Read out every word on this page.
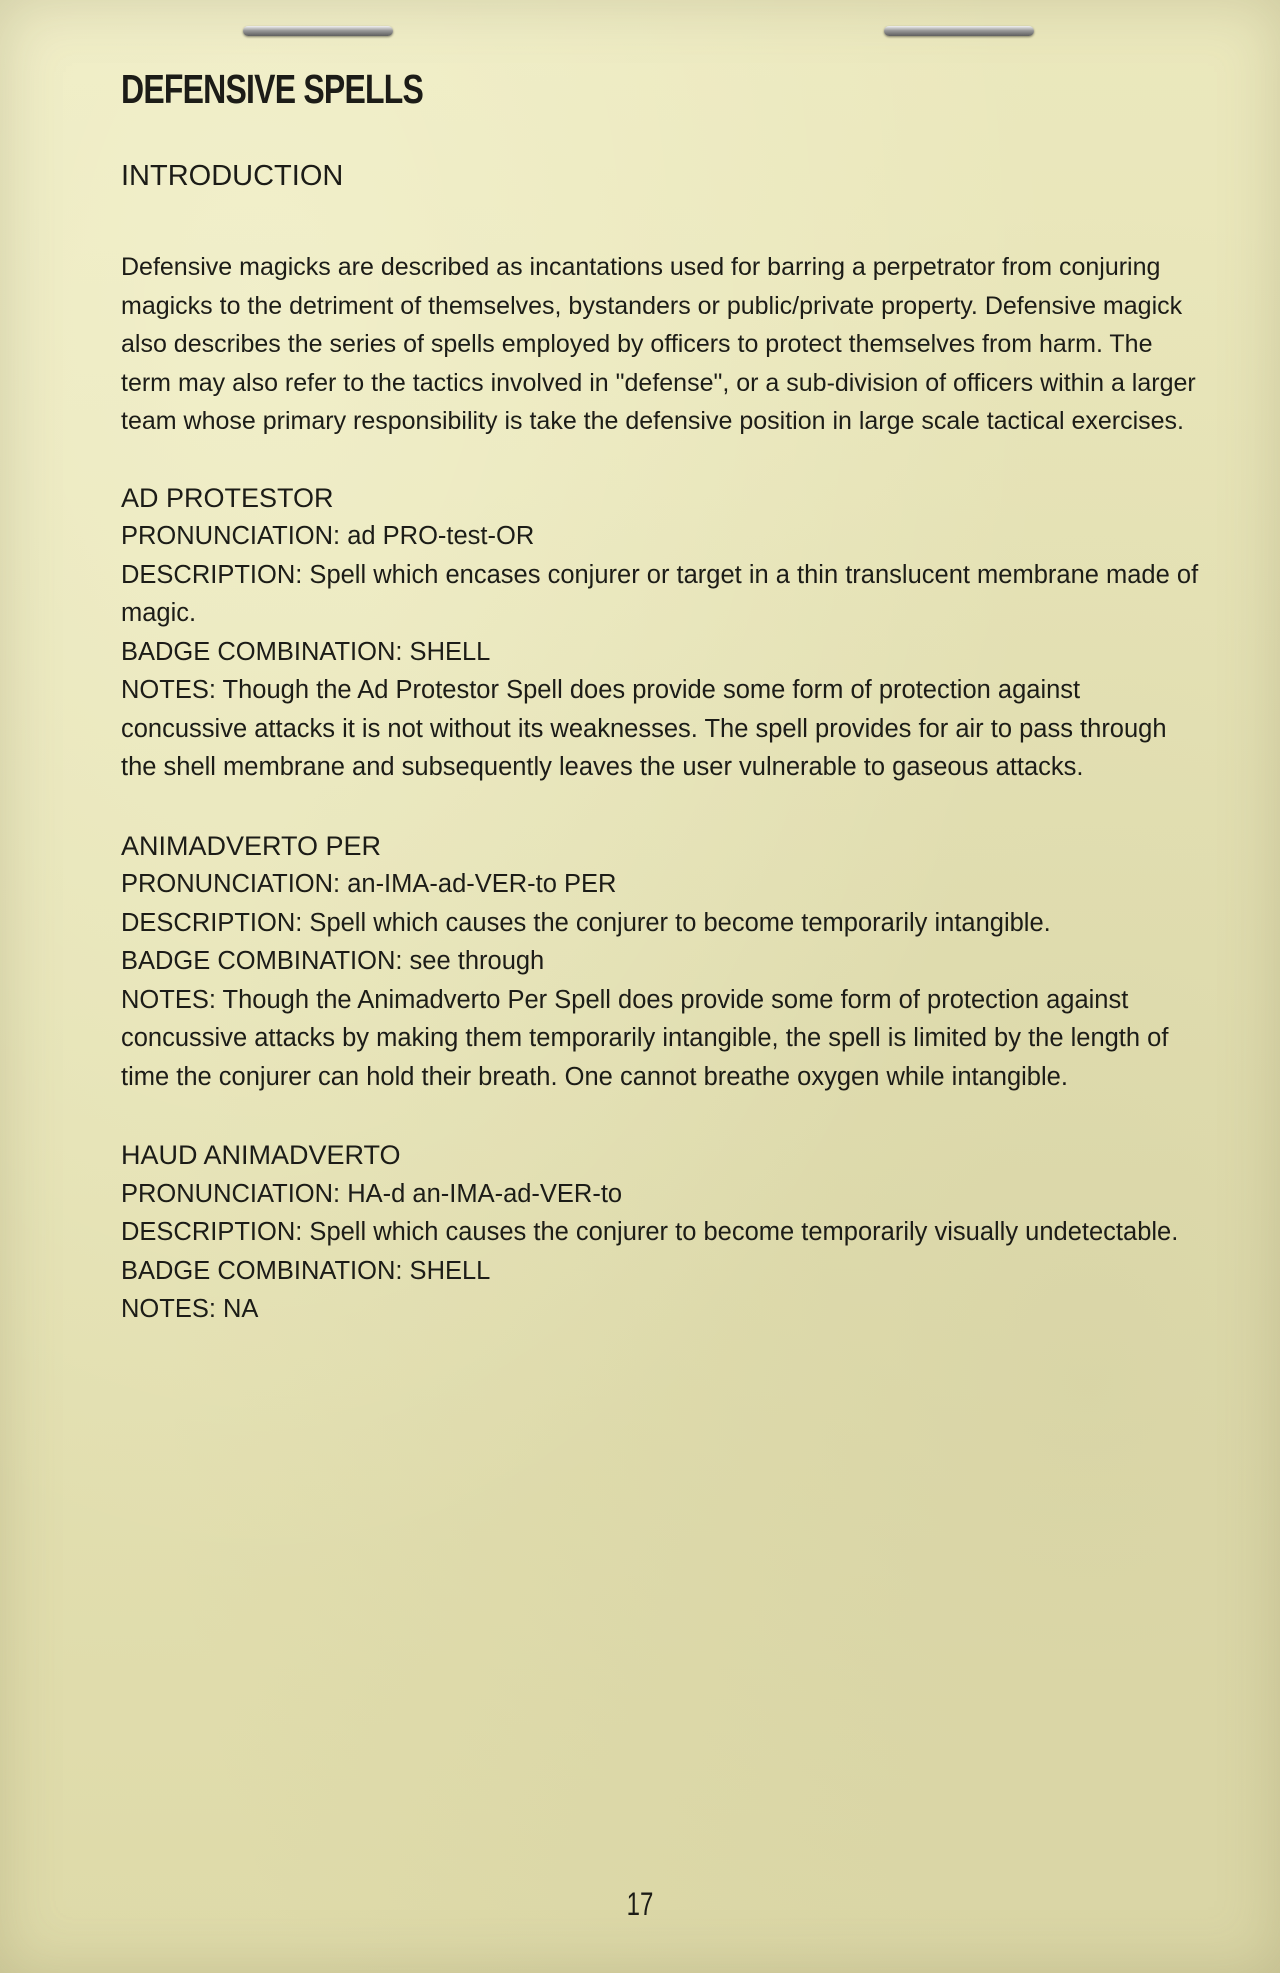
DEFENSIVE SPELLS
INTRODUCTION
Defensive magicks are described as incantations used for barring a perpetrator from conjuring magicks to the detriment of themselves, bystanders or public/private property. Defensive magick also describes the series of spells employed by officers to protect themselves from harm. The term may also refer to the tactics involved in "defense", or a sub-division of officers within a larger team whose primary responsibility is take the defensive position in large scale tactical exercises.
AD PROTESTOR
PRONUNCIATION: ad PRO-test-OR
DESCRIPTION: Spell which encases conjurer or target in a thin translucent membrane made of magic.
BADGE COMBINATION: SHELL
NOTES: Though the Ad Protestor Spell does provide some form of protection against concussive attacks it is not without its weaknesses. The spell provides for air to pass through the shell membrane and subsequently leaves the user vulnerable to gaseous attacks.
ANIMADVERTO PER
PRONUNCIATION: an-IMA-ad-VER-to PER
DESCRIPTION: Spell which causes the conjurer to become temporarily intangible.
BADGE COMBINATION: see through
NOTES: Though the Animadverto Per Spell does provide some form of protection against concussive attacks by making them temporarily intangible, the spell is limited by the length of time the conjurer can hold their breath. One cannot breathe oxygen while intangible.
HAUD ANIMADVERTO
PRONUNCIATION: HA-d an-IMA-ad-VER-to
DESCRIPTION: Spell which causes the conjurer to become temporarily visually undetectable.
BADGE COMBINATION: SHELL
NOTES: NA
17
